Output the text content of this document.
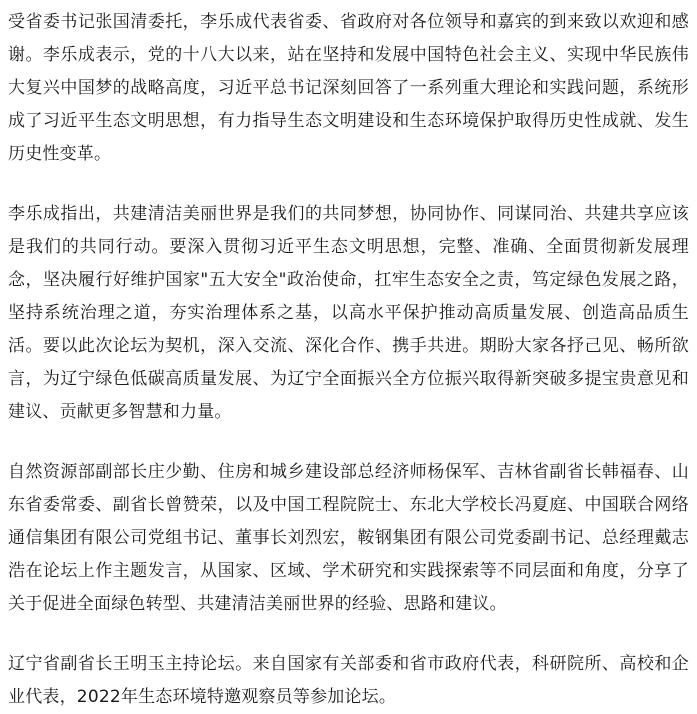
受省委书记张国清委托，李乐成代表省委、省政府对各位领导和嘉宾的到来致以欢迎和感谢。李乐成表示，党的十八大以来，站在坚持和发展中国特色社会主义、实现中华民族伟大复兴中国梦的战略高度，习近平总书记深刻回答了一系列重大理论和实践问题，系统形成了习近平生态文明思想，有力指导生态文明建设和生态环境保护取得历史性成就、发生历史性变革。

李乐成指出，共建清洁美丽世界是我们的共同梦想，协同协作、同谋同治、共建共享应该是我们的共同行动。要深入贯彻习近平生态文明思想，完整、准确、全面贯彻新发展理念，坚决履行好维护国家"五大安全"政治使命，扛牢生态安全之责，笃定绿色发展之路，坚持系统治理之道，夯实治理体系之基，以高水平保护推动高质量发展、创造高品质生活。要以此次论坛为契机，深入交流、深化合作、携手共进。期盼大家各抒己见、畅所欲言，为辽宁绿色低碳高质量发展、为辽宁全面振兴全方位振兴取得新突破多提宝贵意见和建议、贡献更多智慧和力量。

自然资源部副部长庄少勤、住房和城乡建设部总经济师杨保军、吉林省副省长韩福春、山东省委常委、副省长曾赞荣，以及中国工程院院士、东北大学校长冯夏庭、中国联合网络通信集团有限公司党组书记、董事长刘烈宏，鞍钢集团有限公司党委副书记、总经理戴志浩在论坛上作主题发言，从国家、区域、学术研究和实践探索等不同层面和角度，分享了关于促进全面绿色转型、共建清洁美丽世界的经验、思路和建议。

辽宁省副省长王明玉主持论坛。来自国家有关部委和省市政府代表，科研院所、高校和企业代表，2022年生态环境特邀观察员等参加论坛。
